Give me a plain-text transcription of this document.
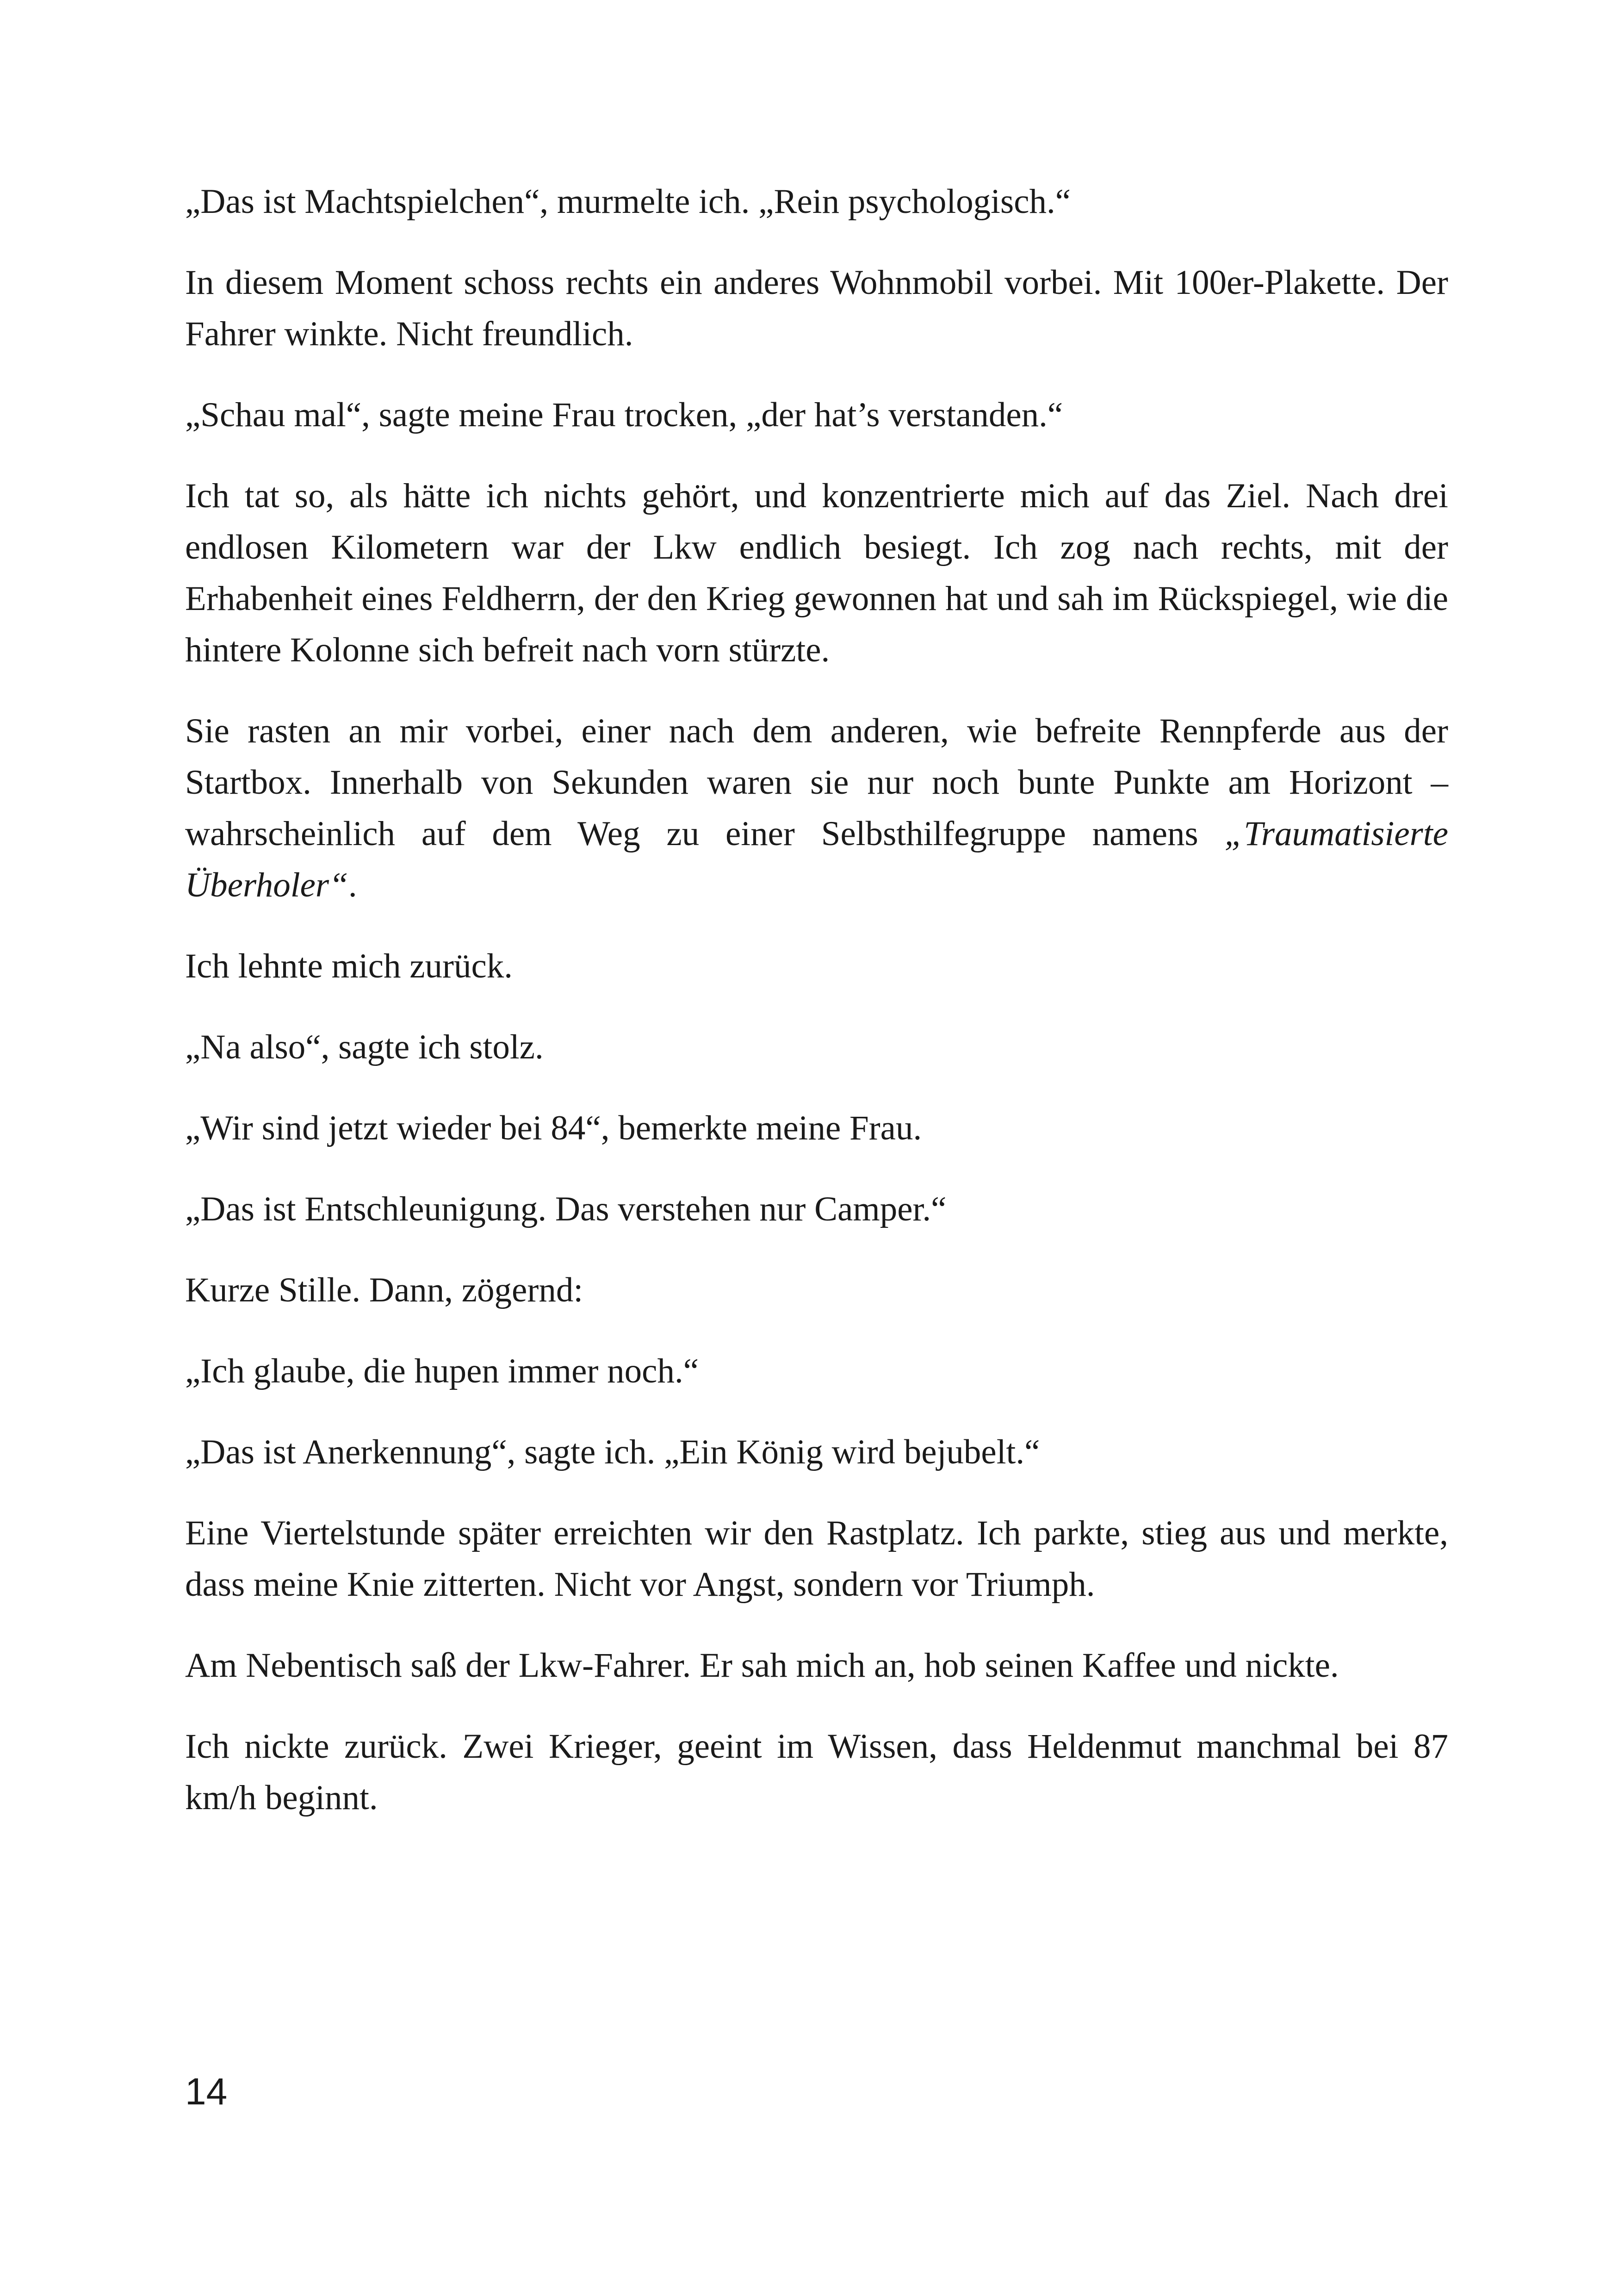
„Das ist Machtspielchen“, murmelte ich. „Rein psychologisch.“

In diesem Moment schoss rechts ein anderes Wohnmobil vorbei. Mit 100er-Plakette. Der Fahrer winkte. Nicht freundlich.

„Schau mal“, sagte meine Frau trocken, „der hat’s verstanden.“

Ich tat so, als hätte ich nichts gehört, und konzentrierte mich auf das Ziel. Nach drei endlosen Kilometern war der Lkw endlich besiegt. Ich zog nach rechts, mit der Erhabenheit eines Feldherrn, der den Krieg gewonnen hat und sah im Rückspiegel, wie die hintere Kolonne sich befreit nach vorn stürzte.

Sie rasten an mir vorbei, einer nach dem anderen, wie befreite Rennpferde aus der Startbox. Innerhalb von Sekunden waren sie nur noch bunte Punkte am Horizont – wahrscheinlich auf dem Weg zu einer Selbsthilfegruppe namens „Traumatisierte Überholer“.

Ich lehnte mich zurück.

„Na also“, sagte ich stolz.

„Wir sind jetzt wieder bei 84“, bemerkte meine Frau.

„Das ist Entschleunigung. Das verstehen nur Camper.“

Kurze Stille. Dann, zögernd:

„Ich glaube, die hupen immer noch.“

„Das ist Anerkennung“, sagte ich. „Ein König wird bejubelt.“

Eine Viertelstunde später erreichten wir den Rastplatz. Ich parkte, stieg aus und merkte, dass meine Knie zitterten. Nicht vor Angst, sondern vor Triumph.

Am Nebentisch saß der Lkw-Fahrer. Er sah mich an, hob seinen Kaffee und nickte.

Ich nickte zurück. Zwei Krieger, geeint im Wissen, dass Heldenmut manchmal bei 87 km/h beginnt.

14
